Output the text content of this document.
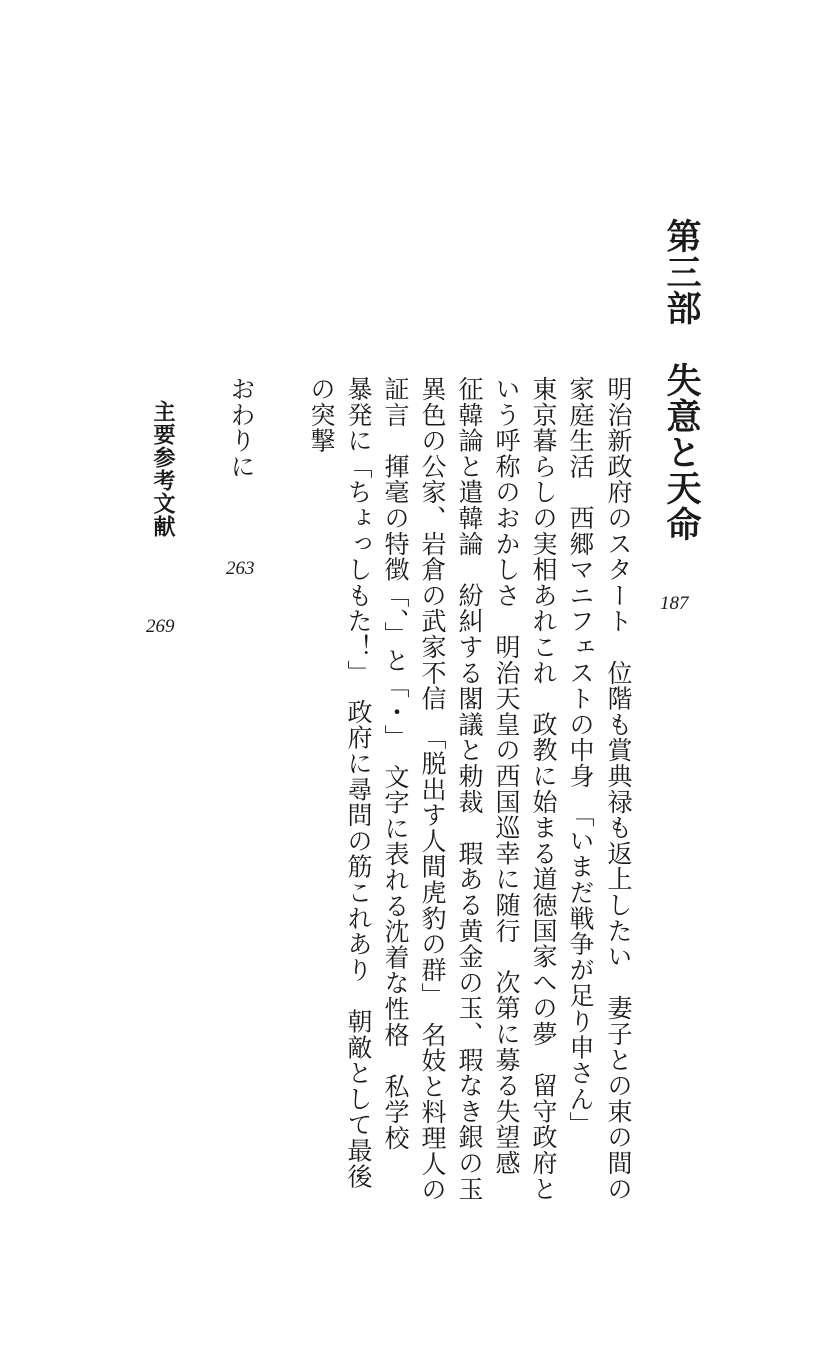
第三部　失意と天命

187

明治新政府のスタート　位階も賞典禄も返上したい　妻子との束の間の

家庭生活　西郷マニフェストの中身　「いまだ戦争が足り申さん」

東京暮らしの実相あれこれ　政教に始まる道徳国家への夢　留守政府と

いう呼称のおかしさ　明治天皇の西国巡幸に随行　次第に募る失望感

征韓論と遣韓論　紛糾する閣議と勅裁　瑕ある黄金の玉、瑕なき銀の玉

異色の公家、岩倉の武家不信　「脱出す人間虎豹の群」　名妓と料理人の

証言　揮毫の特徴「、」と「・」　文字に表れる沈着な性格　私学校

暴発に「ちょっしもた！」　政府に尋問の筋これあり　朝敵として最後

の突撃

おわりに

263

主要参考文献

269
